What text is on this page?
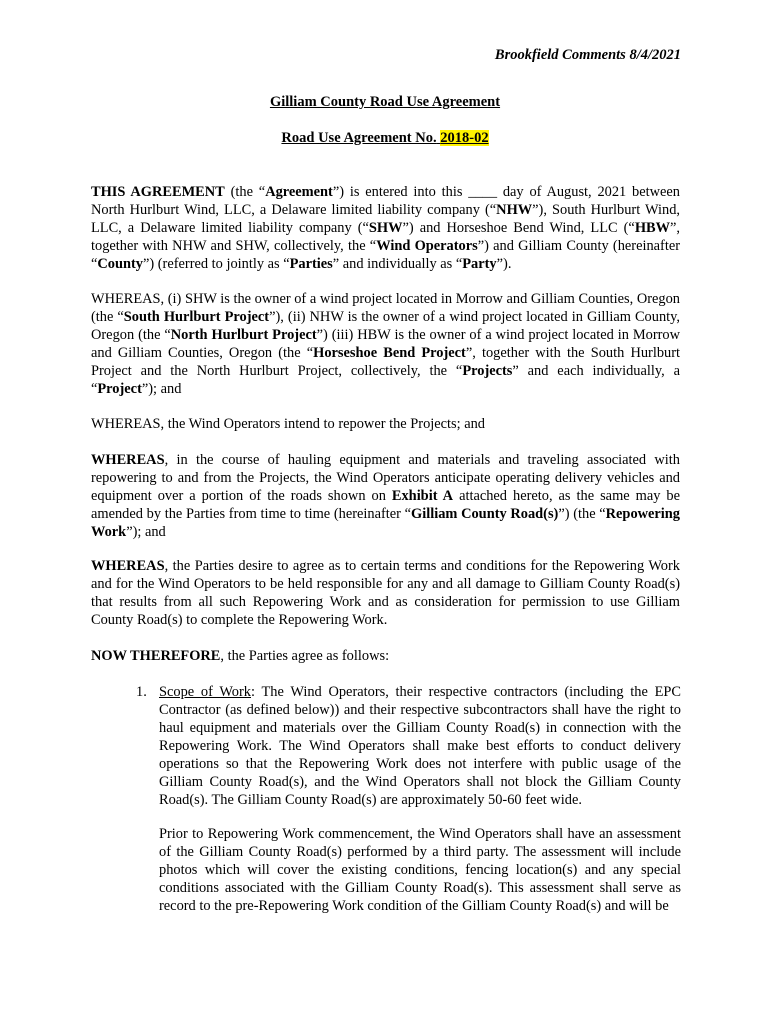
Brookfield Comments 8/4/2021
Gilliam County Road Use Agreement
Road Use Agreement No. 2018-02

THIS AGREEMENT (the “Agreement”) is entered into this ____ day of August, 2021 between North Hurlburt Wind, LLC, a Delaware limited liability company (“NHW”), South Hurlburt Wind, LLC, a Delaware limited liability company (“SHW”) and Horseshoe Bend Wind, LLC (“HBW”, together with NHW and SHW, collectively, the “Wind Operators”) and Gilliam County (hereinafter “County”) (referred to jointly as “Parties” and individually as “Party”).

WHEREAS, (i) SHW is the owner of a wind project located in Morrow and Gilliam Counties, Oregon (the “South Hurlburt Project”), (ii) NHW is the owner of a wind project located in Gilliam County, Oregon (the “North Hurlburt Project”) (iii) HBW is the owner of a wind project located in Morrow and Gilliam Counties, Oregon (the “Horseshoe Bend Project”, together with the South Hurlburt Project and the North Hurlburt Project, collectively, the “Projects” and each individually, a “Project”); and

WHEREAS, the Wind Operators intend to repower the Projects; and

WHEREAS, in the course of hauling equipment and materials and traveling associated with repowering to and from the Projects, the Wind Operators anticipate operating delivery vehicles and equipment over a portion of the roads shown on Exhibit A attached hereto, as the same may be amended by the Parties from time to time (hereinafter “Gilliam County Road(s)”) (the “Repowering Work”); and

WHEREAS, the Parties desire to agree as to certain terms and conditions for the Repowering Work and for the Wind Operators to be held responsible for any and all damage to Gilliam County Road(s) that results from all such Repowering Work and as consideration for permission to use Gilliam County Road(s) to complete the Repowering Work.

NOW THEREFORE, the Parties agree as follows:

1. Scope of Work: The Wind Operators, their respective contractors (including the EPC Contractor (as defined below)) and their respective subcontractors shall have the right to haul equipment and materials over the Gilliam County Road(s) in connection with the Repowering Work. The Wind Operators shall make best efforts to conduct delivery operations so that the Repowering Work does not interfere with public usage of the Gilliam County Road(s), and the Wind Operators shall not block the Gilliam County Road(s). The Gilliam County Road(s) are approximately 50-60 feet wide.

Prior to Repowering Work commencement, the Wind Operators shall have an assessment of the Gilliam County Road(s) performed by a third party. The assessment will include photos which will cover the existing conditions, fencing location(s) and any special conditions associated with the Gilliam County Road(s). This assessment shall serve as record to the pre-Repowering Work condition of the Gilliam County Road(s) and will be
